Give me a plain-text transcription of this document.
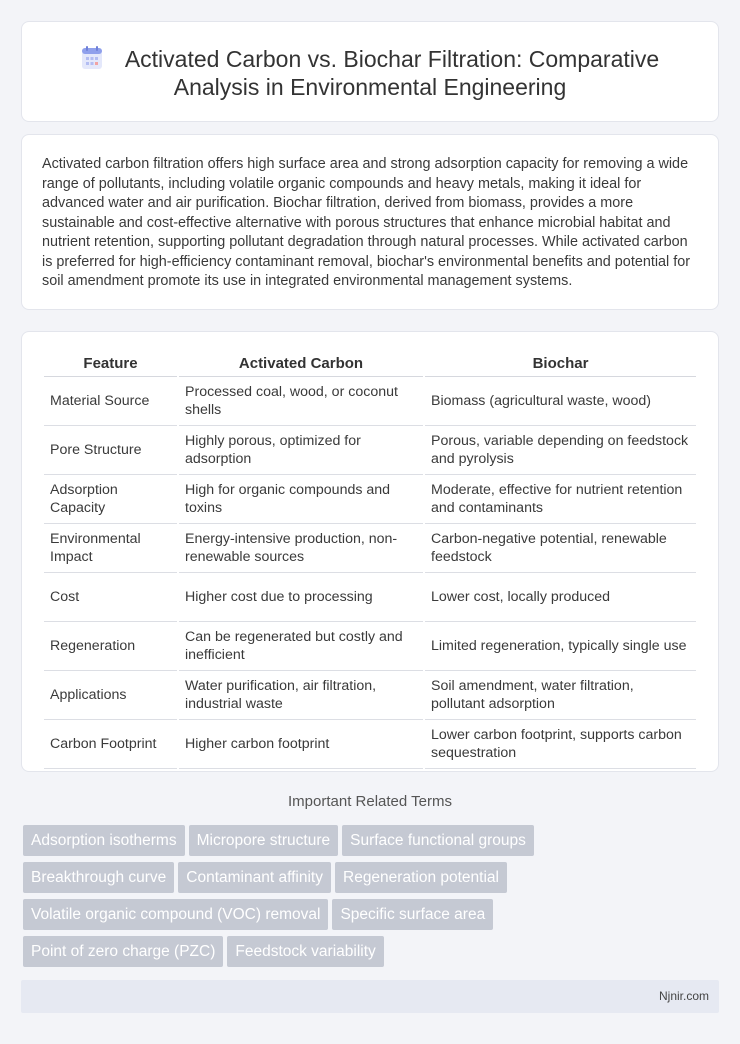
Activated Carbon vs. Biochar Filtration: Comparative
Analysis in Environmental Engineering

Activated carbon filtration offers high surface area and strong adsorption capacity for removing a wide range of pollutants, including volatile organic compounds and heavy metals, making it ideal for advanced water and air purification. Biochar filtration, derived from biomass, provides a more sustainable and cost-effective alternative with porous structures that enhance microbial habitat and nutrient retention, supporting pollutant degradation through natural processes. While activated carbon is preferred for high-efficiency contaminant removal, biochar's environmental benefits and potential for soil amendment promote its use in integrated environmental management systems.

Feature	Activated Carbon	Biochar
Material Source	Processed coal, wood, or coconut shells	Biomass (agricultural waste, wood)
Pore Structure	Highly porous, optimized for adsorption	Porous, variable depending on feedstock and pyrolysis
Adsorption Capacity	High for organic compounds and toxins	Moderate, effective for nutrient retention and contaminants
Environmental Impact	Energy-intensive production, non-renewable sources	Carbon-negative potential, renewable feedstock
Cost	Higher cost due to processing	Lower cost, locally produced
Regeneration	Can be regenerated but costly and inefficient	Limited regeneration, typically single use
Applications	Water purification, air filtration, industrial waste	Soil amendment, water filtration, pollutant adsorption
Carbon Footprint	Higher carbon footprint	Lower carbon footprint, supports carbon sequestration
Important Related Terms
Adsorption isotherms Micropore structure Surface functional groups
Breakthrough curve Contaminant affinity Regeneration potential
Volatile organic compound (VOC) removal Specific surface area
Point of zero charge (PZC) Feedstock variability
Njnir.com
